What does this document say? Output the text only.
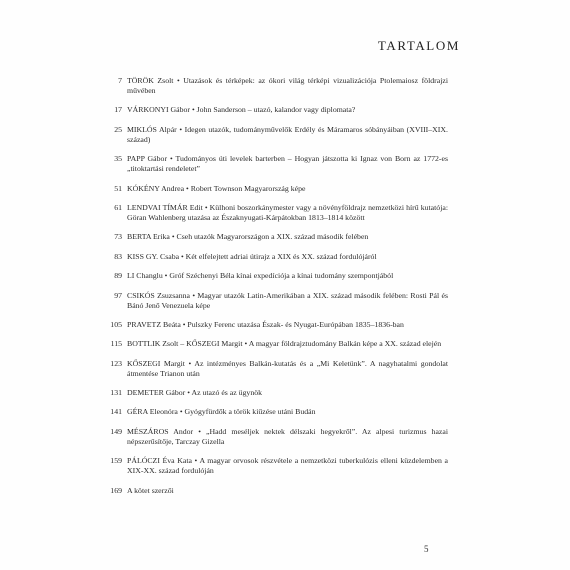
TARTALOM
7 TÖRÖK Zsolt • Utazások és térképek: az ókori világ térképi vizualizációja Ptolemaiosz földrajzi művében
17 VÁRKONYI Gábor • John Sanderson – utazó, kalandor vagy diplomata?
25 MIKLÓS Alpár • Idegen utazók, tudományművelők Erdély és Máramaros sóbányáiban (XVIII–XIX. század)
35 PAPP Gábor • Tudományos úti levelek barterben – Hogyan játszotta ki Ignaz von Born az 1772-es „titoktartási rendeletet”
51 KÓKÉNY Andrea • Robert Townson Magyarország képe
61 LENDVAI TÍMÁR Edit • Külhoni boszorkánymester vagy a növényföldrajz nemzetközi hírű kutatója: Göran Wahlenberg utazása az Északnyugati-Kárpátokban 1813–1814 között
73 BERTA Erika • Cseh utazók Magyarországon a XIX. század második felében
83 KISS GY. Csaba • Két elfelejtett adriai útirajz a XIX és XX. század fordulójáról
89 LI Changlu • Gróf Széchenyi Béla kínai expedíciója a kínai tudomány szempontjából
97 CSIKÓS Zsuzsanna • Magyar utazók Latin-Amerikában a XIX. század második felében: Rosti Pál és Bánó Jenő Venezuela képe
105 PRAVETZ Beáta • Pulszky Ferenc utazása Észak- és Nyugat-Európában 1835–1836-ban
115 BOTTLIK Zsolt – KŐSZEGI Margit • A magyar földrajztudomány Balkán képe a XX. század elején
123 KŐSZEGI Margit • Az intézményes Balkán-kutatás és a „Mi Keletünk”. A nagyhatalmi gondolat átmentése Trianon után
131 DEMETER Gábor • Az utazó és az ügynök
141 GÉRA Eleonóra • Gyógyfürdők a török kiűzése utáni Budán
149 MÉSZÁROS Andor • „Hadd meséljek nektek délszaki hegyekről”. Az alpesi turizmus hazai népszerűsítője, Tarczay Gizella
159 PÁLÓCZI Éva Kata • A magyar orvosok részvétele a nemzetközi tuberkulózis elleni küzdelemben a XIX-XX. század fordulóján
169 A kötet szerzői
5
